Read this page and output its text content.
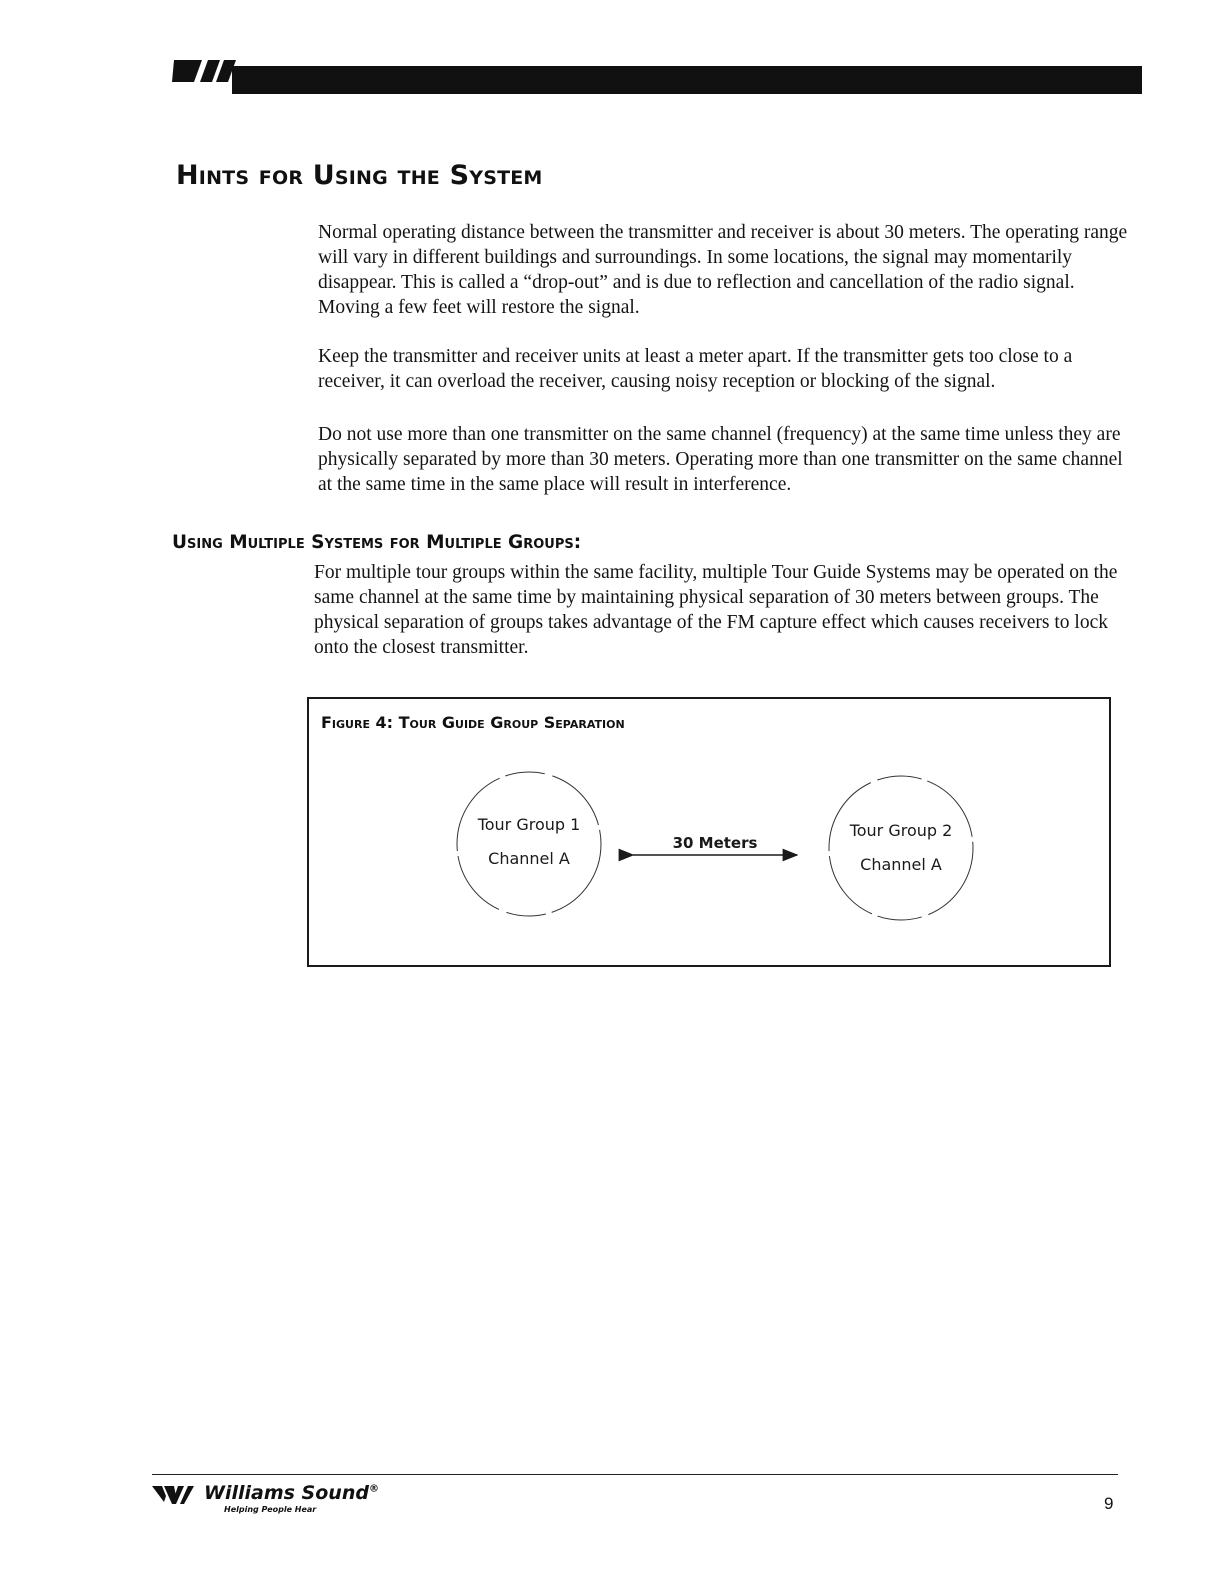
Hints for Using the System

Normal operating distance between the transmitter and receiver is about 30 meters. The operating range will vary in different buildings and surroundings. In some locations, the signal may momentarily disappear. This is called a “drop-out” and is due to reflection and cancellation of the radio signal. Moving a few feet will restore the signal.

Keep the transmitter and receiver units at least a meter apart. If the transmitter gets too close to a receiver, it can overload the receiver, causing noisy reception or blocking of the signal.

Do not use more than one transmitter on the same channel (frequency) at the same time unless they are physically separated by more than 30 meters. Operating more than one transmitter on the same channel at the same time in the same place will result in interference.

Using Multiple Systems for Multiple Groups:

For multiple tour groups within the same facility, multiple Tour Guide Systems may be operated on the same channel at the same time by maintaining physical separation of 30 meters between groups. The physical separation of groups takes advantage of the FM capture effect which causes receivers to lock onto the closest transmitter.

Figure 4: Tour Guide Group Separation

Tour Group 1
Channel A
Tour Group 2
Channel A
30 Meters

Williams Sound®

Helping People Hear	9
